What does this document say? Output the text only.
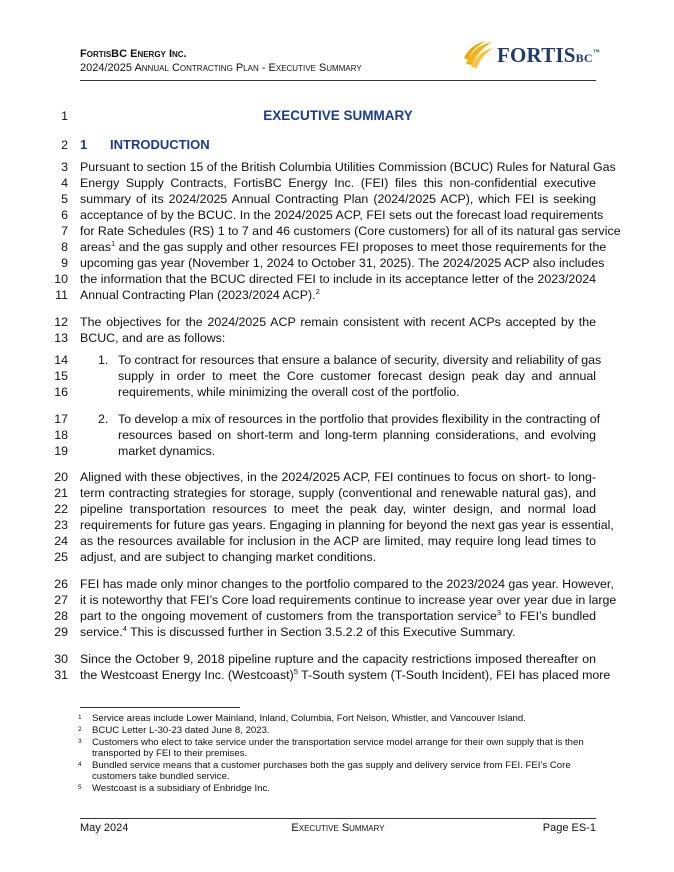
FortisBC Energy Inc.
2024/2025 Annual Contracting Plan - Executive Summary
FORTISBC™
1
2
3
4
5
6
7
8
9
10
11
12
13
14
15
16
17
18
19
20
21
22
23
24
25
26
27
28
29
30
31
EXECUTIVE SUMMARY
1 INTRODUCTION
Pursuant to section 15 of the British Columbia Utilities Commission (BCUC) Rules for Natural Gas
Energy Supply Contracts, FortisBC Energy Inc. (FEI) files this non-confidential executive
summary of its 2024/2025 Annual Contracting Plan (2024/2025 ACP), which FEI is seeking
acceptance of by the BCUC. In the 2024/2025 ACP, FEI sets out the forecast load requirements
for Rate Schedules (RS) 1 to 7 and 46 customers (Core customers) for all of its natural gas service
areas$^1$ and the gas supply and other resources FEI proposes to meet those requirements for the
upcoming gas year (November 1, 2024 to October 31, 2025). The 2024/2025 ACP also includes
the information that the BCUC directed FEI to include in its acceptance letter of the 2023/2024
Annual Contracting Plan (2023/2024 ACP).$^2$
The objectives for the 2024/2025 ACP remain consistent with recent ACPs accepted by the
BCUC, and are as follows:
1. To contract for resources that ensure a balance of security, diversity and reliability of gas
supply in order to meet the Core customer forecast design peak day and annual
requirements, while minimizing the overall cost of the portfolio.
2. To develop a mix of resources in the portfolio that provides flexibility in the contracting of
resources based on short-term and long-term planning considerations, and evolving
market dynamics.
Aligned with these objectives, in the 2024/2025 ACP, FEI continues to focus on short- to long-
term contracting strategies for storage, supply (conventional and renewable natural gas), and
pipeline transportation resources to meet the peak day, winter design, and normal load
requirements for future gas years. Engaging in planning for beyond the next gas year is essential,
as the resources available for inclusion in the ACP are limited, may require long lead times to
adjust, and are subject to changing market conditions.
FEI has made only minor changes to the portfolio compared to the 2023/2024 gas year. However,
it is noteworthy that FEI’s Core load requirements continue to increase year over year due in large
part to the ongoing movement of customers from the transportation service$^3$ to FEI’s bundled
service.$^4$ This is discussed further in Section 3.5.2.2 of this Executive Summary.
Since the October 9, 2018 pipeline rupture and the capacity restrictions imposed thereafter on
the Westcoast Energy Inc. (Westcoast)$^5$ T-South system (T-South Incident), FEI has placed more
1	Service areas include Lower Mainland, Inland, Columbia, Fort Nelson, Whistler, and Vancouver Island.
2	BCUC Letter L-30-23 dated June 8, 2023.
3	Customers who elect to take service under the transportation service model arrange for their own supply that is then
transported by FEI to their premises.
4	Bundled service means that a customer purchases both the gas supply and delivery service from FEI. FEI’s Core
customers take bundled service.
5	Westcoast is a subsidiary of Enbridge Inc.
May 2024	Executive Summary	Page ES-1
